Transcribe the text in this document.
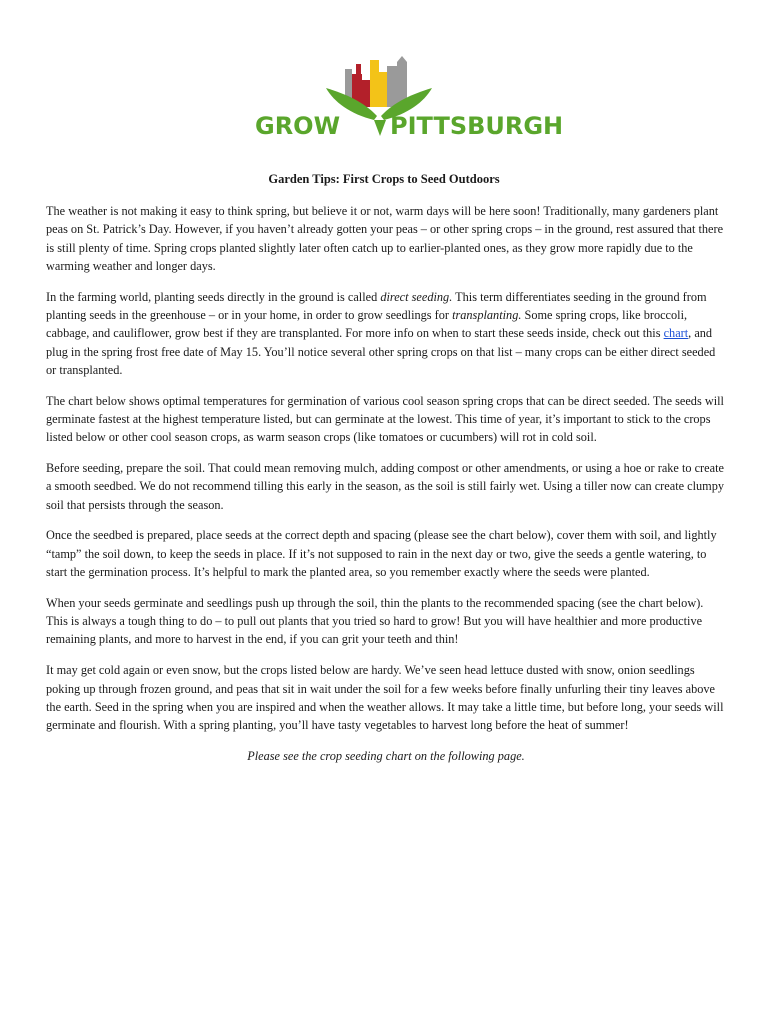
GROW PITTSBURGH
Garden Tips: First Crops to Seed Outdoors

The weather is not making it easy to think spring, but believe it or not, warm days will be here soon! Traditionally, many gardeners plant peas on St. Patrick’s Day. However, if you haven’t already gotten your peas – or other spring crops – in the ground, rest assured that there is still plenty of time. Spring crops planted slightly later often catch up to earlier-planted ones, as they grow more rapidly due to the warming weather and longer days.

In the farming world, planting seeds directly in the ground is called direct seeding. This term differentiates seeding in the ground from planting seeds in the greenhouse – or in your home, in order to grow seedlings for transplanting. Some spring crops, like broccoli, cabbage, and cauliflower, grow best if they are transplanted. For more info on when to start these seeds inside, check out this chart, and plug in the spring frost free date of May 15. You’ll notice several other spring crops on that list – many crops can be either direct seeded or transplanted.

The chart below shows optimal temperatures for germination of various cool season spring crops that can be direct seeded. The seeds will germinate fastest at the highest temperature listed, but can germinate at the lowest. This time of year, it’s important to stick to the crops listed below or other cool season crops, as warm season crops (like tomatoes or cucumbers) will rot in cold soil.

Before seeding, prepare the soil. That could mean removing mulch, adding compost or other amendments, or using a hoe or rake to create a smooth seedbed. We do not recommend tilling this early in the season, as the soil is still fairly wet. Using a tiller now can create clumpy soil that persists through the season.

Once the seedbed is prepared, place seeds at the correct depth and spacing (please see the chart below), cover them with soil, and lightly “tamp” the soil down, to keep the seeds in place. If it’s not supposed to rain in the next day or two, give the seeds a gentle watering, to start the germination process. It’s helpful to mark the planted area, so you remember exactly where the seeds were planted.

When your seeds germinate and seedlings push up through the soil, thin the plants to the recommended spacing (see the chart below). This is always a tough thing to do – to pull out plants that you tried so hard to grow! But you will have healthier and more productive remaining plants, and more to harvest in the end, if you can grit your teeth and thin!

It may get cold again or even snow, but the crops listed below are hardy. We’ve seen head lettuce dusted with snow, onion seedlings poking up through frozen ground, and peas that sit in wait under the soil for a few weeks before finally unfurling their tiny leaves above the earth. Seed in the spring when you are inspired and when the weather allows. It may take a little time, but before long, your seeds will germinate and flourish. With a spring planting, you’ll have tasty vegetables to harvest long before the heat of summer!

Please see the crop seeding chart on the following page.
